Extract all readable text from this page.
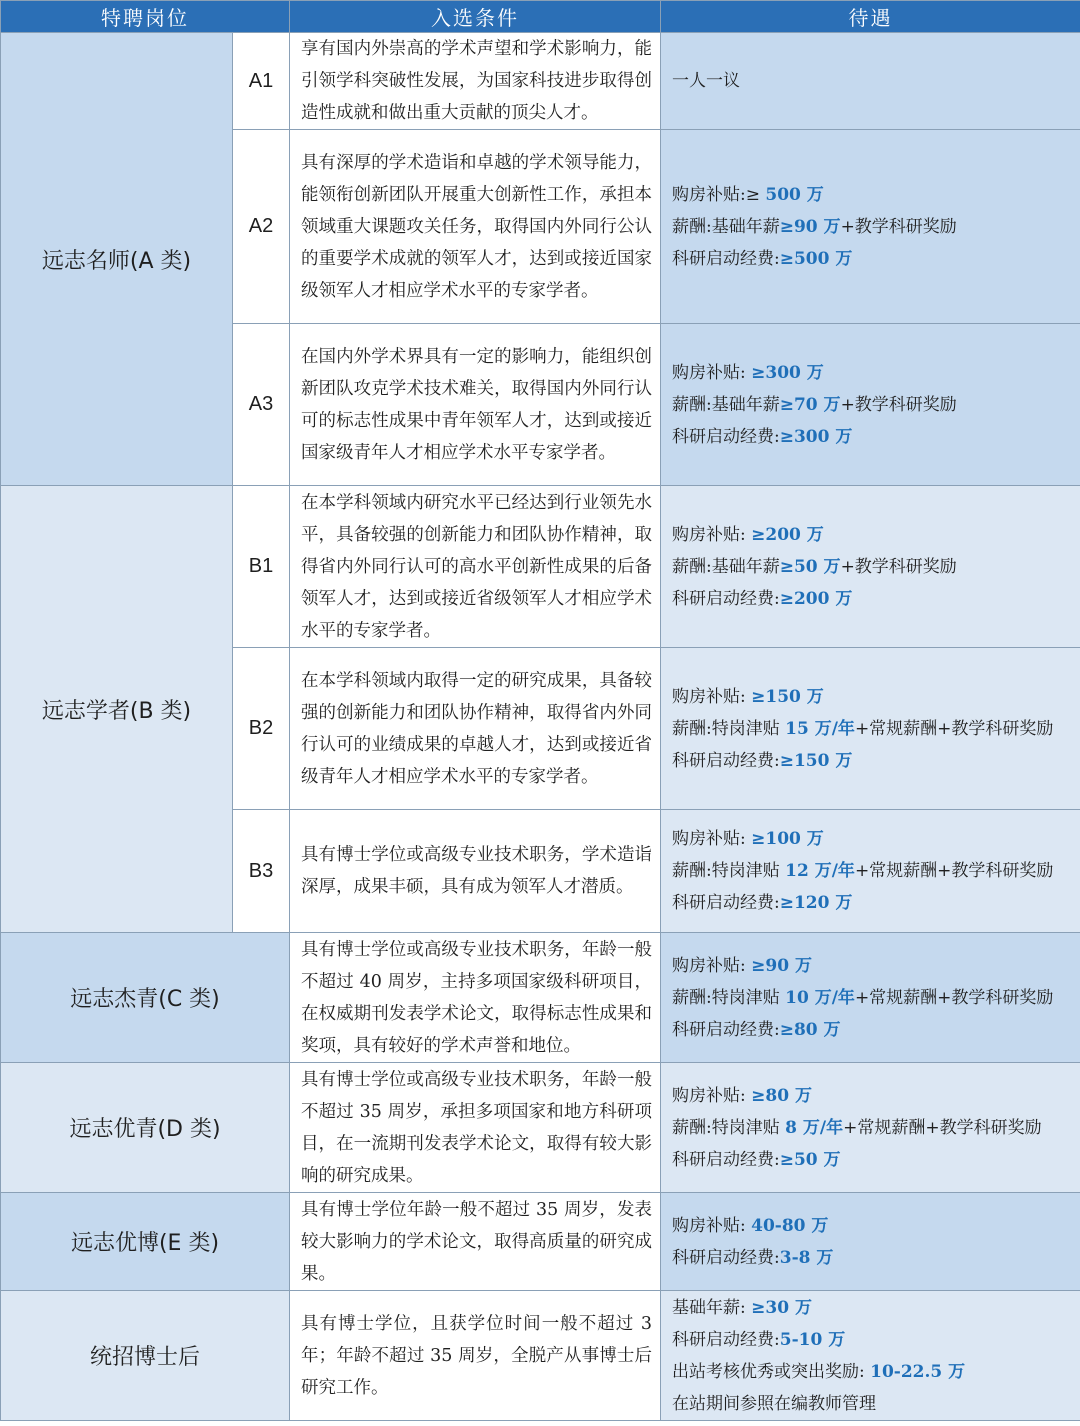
特聘岗位		入选条件	待遇
远志名师(A 类)	A1	享有国内外崇高的学术声望和学术影响力，能引领学科突破性发展，为国家科技进步取得创造性成就和做出重大贡献的顶尖人才。	一人一议

	A2	具有深厚的学术造诣和卓越的学术领导能力，能领衔创新团队开展重大创新性工作，承担本领域重大课题攻关任务，取得国内外同行公认的重要学术成就的领军人才，达到或接近国家级领军人才相应学术水平的专家学者。	购房补贴:≥ 500 万
薪酬:基础年薪≥90 万+教学科研奖励
科研启动经费:≥500 万

	A3	在国内外学术界具有一定的影响力，能组织创新团队攻克学术技术难关，取得国内外同行认可的标志性成果中青年领军人才，达到或接近国家级青年人才相应学术水平专家学者。	购房补贴: ≥300 万
薪酬:基础年薪≥70 万+教学科研奖励
科研启动经费:≥300 万

远志学者(B 类)	B1	在本学科领域内研究水平已经达到行业领先水平，具备较强的创新能力和团队协作精神，取得省内外同行认可的高水平创新性成果的后备领军人才，达到或接近省级领军人才相应学术水平的专家学者。	购房补贴: ≥200 万
薪酬:基础年薪≥50 万+教学科研奖励
科研启动经费:≥200 万

	B2	在本学科领域内取得一定的研究成果，具备较强的创新能力和团队协作精神，取得省内外同行认可的业绩成果的卓越人才，达到或接近省级青年人才相应学术水平的专家学者。	购房补贴: ≥150 万
薪酬:特岗津贴 15 万/年+常规薪酬+教学科研奖励
科研启动经费:≥150 万

	B3	具有博士学位或高级专业技术职务，学术造诣深厚，成果丰硕，具有成为领军人才潜质。	购房补贴: ≥100 万
薪酬:特岗津贴 12 万/年+常规薪酬+教学科研奖励
科研启动经费:≥120 万

远志杰青(C 类)		具有博士学位或高级专业技术职务，年龄一般不超过 40 周岁，主持多项国家级科研项目，在权威期刊发表学术论文，取得标志性成果和奖项，具有较好的学术声誉和地位。	购房补贴: ≥90 万
薪酬:特岗津贴 10 万/年+常规薪酬+教学科研奖励
科研启动经费:≥80 万

远志优青(D 类)		具有博士学位或高级专业技术职务，年龄一般不超过 35 周岁，承担多项国家和地方科研项目，在一流期刊发表学术论文，取得有较大影响的研究成果。	购房补贴: ≥80 万
薪酬:特岗津贴 8 万/年+常规薪酬+教学科研奖励
科研启动经费:≥50 万

远志优博(E 类)		具有博士学位年龄一般不超过 35 周岁，发表较大影响力的学术论文，取得高质量的研究成果。	购房补贴: 40-80 万
科研启动经费:3-8 万

统招博士后		具有博士学位，且获学位时间一般不超过 3 年；年龄不超过 35 周岁，全脱产从事博士后研究工作。	基础年薪: ≥30 万
科研启动经费:5-10 万
出站考核优秀或突出奖励: 10-22.5 万
在站期间参照在编教师管理
